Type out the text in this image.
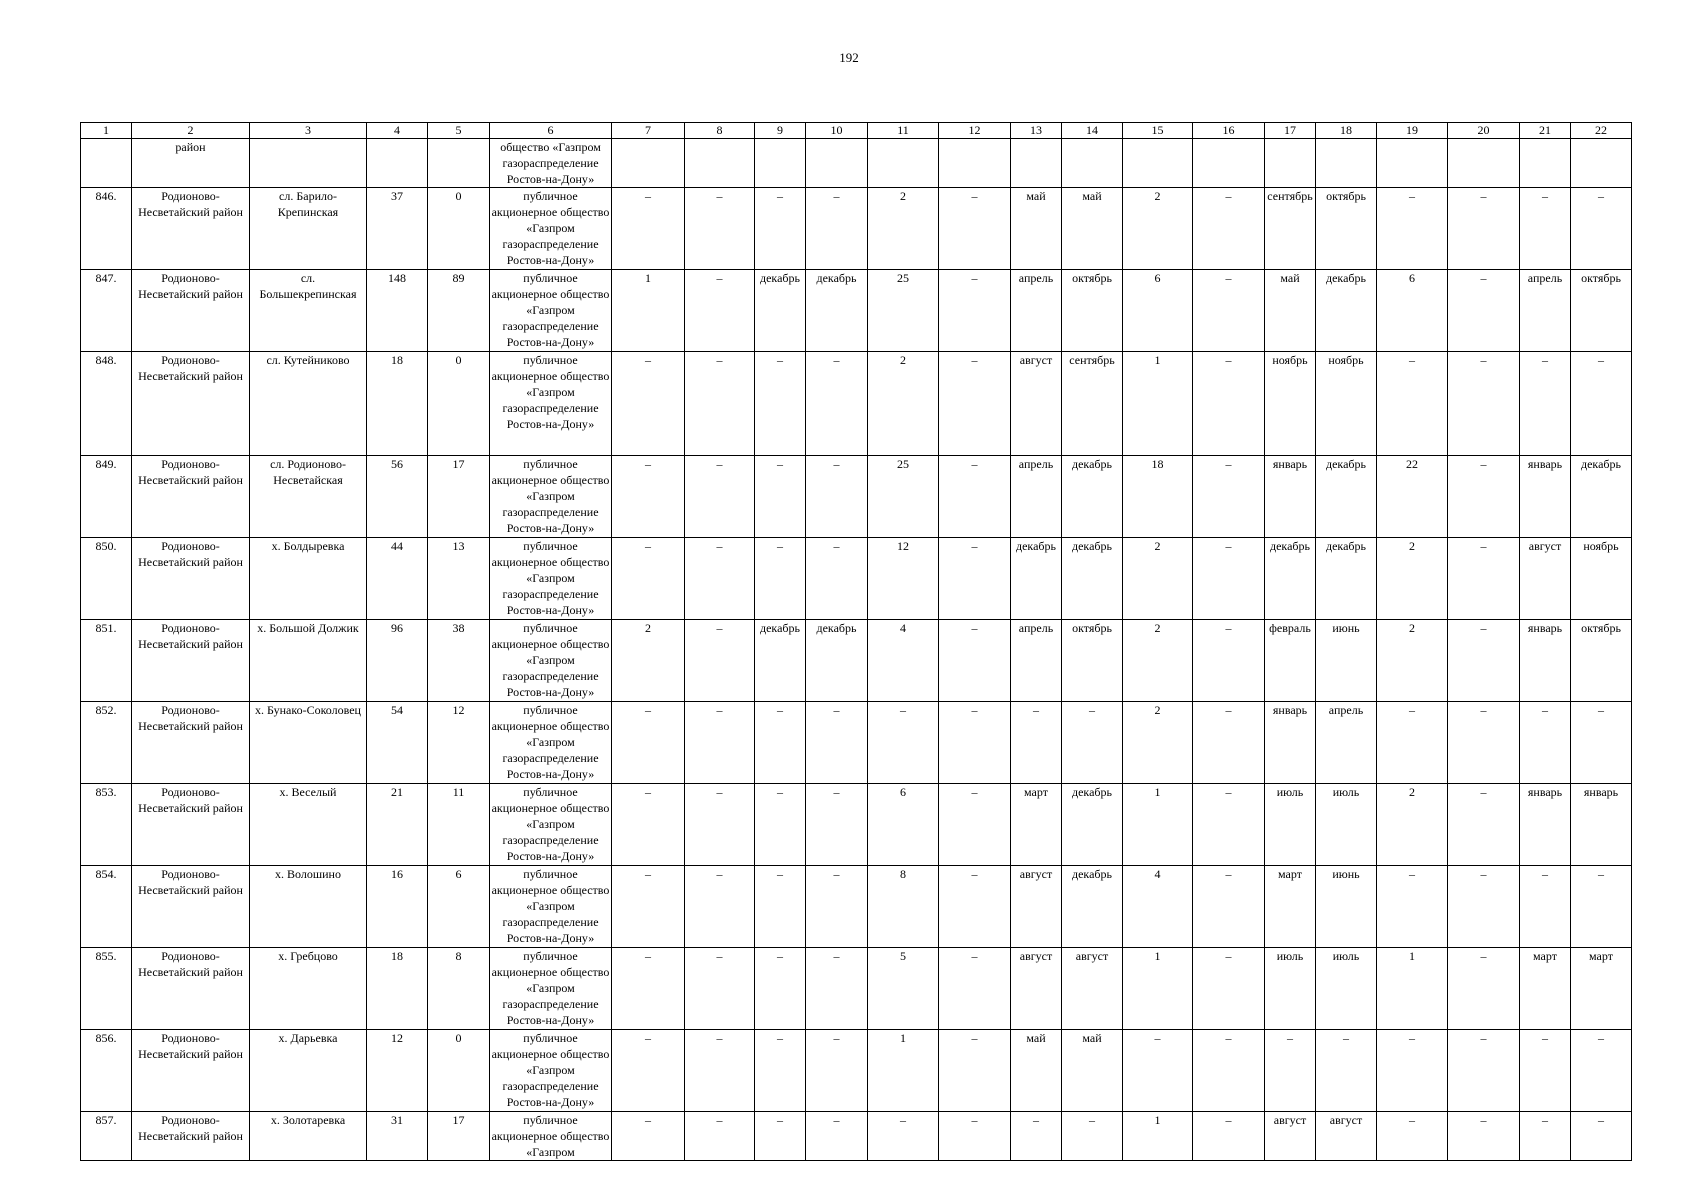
192
1	2	3	4	5	6	7	8	9	10	11	12	13	14	15	16	17	18	19	20	21	22
	район				общество «Газпром газораспределение Ростов-на-Дону»																
846.	Родионово-Несветайский район	сл. Барило-Крепинская	37	0	публичное акционерное общество «Газпром газораспределение Ростов-на-Дону»	–	–	–	–	2	–	май	май	2	–	сентябрь	октябрь	–	–	–	–
847.	Родионово-Несветайский район	сл. Большекрепинская	148	89	публичное акционерное общество «Газпром газораспределение Ростов-на-Дону»	1	–	декабрь	декабрь	25	–	апрель	октябрь	6	–	май	декабрь	6	–	апрель	октябрь
848.	Родионово-Несветайский район	сл. Кутейниково	18	0	публичное акционерное общество «Газпром газораспределение Ростов-на-Дону»	–	–	–	–	2	–	август	сентябрь	1	–	ноябрь	ноябрь	–	–	–	–
849.	Родионово-Несветайский район	сл. Родионово-Несветайская	56	17	публичное акционерное общество «Газпром газораспределение Ростов-на-Дону»	–	–	–	–	25	–	апрель	декабрь	18	–	январь	декабрь	22	–	январь	декабрь
850.	Родионово-Несветайский район	х. Болдыревка	44	13	публичное акционерное общество «Газпром газораспределение Ростов-на-Дону»	–	–	–	–	12	–	декабрь	декабрь	2	–	декабрь	декабрь	2	–	август	ноябрь
851.	Родионово-Несветайский район	х. Большой Должик	96	38	публичное акционерное общество «Газпром газораспределение Ростов-на-Дону»	2	–	декабрь	декабрь	4	–	апрель	октябрь	2	–	февраль	июнь	2	–	январь	октябрь
852.	Родионово-Несветайский район	х. Бунако-Соколовец	54	12	публичное акционерное общество «Газпром газораспределение Ростов-на-Дону»	–	–	–	–	–	–	–	–	2	–	январь	апрель	–	–	–	–
853.	Родионово-Несветайский район	х. Веселый	21	11	публичное акционерное общество «Газпром газораспределение Ростов-на-Дону»	–	–	–	–	6	–	март	декабрь	1	–	июль	июль	2	–	январь	январь
854.	Родионово-Несветайский район	х. Волошино	16	6	публичное акционерное общество «Газпром газораспределение Ростов-на-Дону»	–	–	–	–	8	–	август	декабрь	4	–	март	июнь	–	–	–	–
855.	Родионово-Несветайский район	х. Гребцово	18	8	публичное акционерное общество «Газпром газораспределение Ростов-на-Дону»	–	–	–	–	5	–	август	август	1	–	июль	июль	1	–	март	март
856.	Родионово-Несветайский район	х. Дарьевка	12	0	публичное акционерное общество «Газпром газораспределение Ростов-на-Дону»	–	–	–	–	1	–	май	май	–	–	–	–	–	–	–	–
857.	Родионово-Несветайский район	х. Золотаревка	31	17	публичное акционерное общество «Газпром	–	–	–	–	–	–	–	–	1	–	август	август	–	–	–	–
